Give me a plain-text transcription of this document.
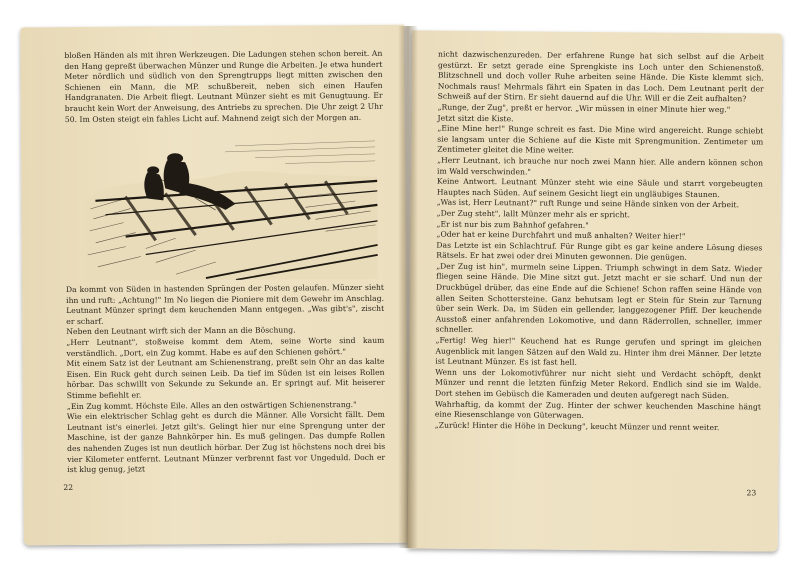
bloßen Händen als mit ihren Werkzeugen. Die Ladungen stehen schon bereit. An den Hang gepreßt überwachen Münzer und Runge die Arbeiten. Je etwa hundert Meter nördlich und südlich von den Sprengtrupps liegt mitten zwischen den Schienen ein Mann, die MP. schußbereit, neben sich einen Haufen Handgranaten. Die Arbeit fliegt. Leutnant Münzer sieht es mit Genugtuung. Er braucht kein Wort der Anweisung, des Antriebs zu sprechen. Die Uhr zeigt 2 Uhr 50. Im Osten steigt ein fahles Licht auf. Mahnend zeigt sich der Morgen an.

Da kommt von Süden in hastenden Sprüngen der Posten gelaufen. Münzer sieht ihn und ruft: „Achtung!" Im No liegen die Pioniere mit dem Gewehr im Anschlag. Leutnant Münzer springt dem keuchenden Mann entgegen. „Was gibt's", zischt er scharf.

Neben den Leutnant wirft sich der Mann an die Böschung.

„Herr Leutnant", stoßweise kommt dem Atem, seine Worte sind kaum verständlich. „Dort, ein Zug kommt. Habe es auf den Schienen gehört."

Mit einem Satz ist der Leutnant am Schienenstrang, preßt sein Ohr an das kalte Eisen. Ein Ruck geht durch seinen Leib. Da tief im Süden ist ein leises Rollen hörbar. Das schwillt von Sekunde zu Sekunde an. Er springt auf. Mit heiserer Stimme befiehlt er.

„Ein Zug kommt. Höchste Eile. Alles an den ostwärtigen Schienenstrang."

Wie ein elektrischer Schlag geht es durch die Männer. Alle Vorsicht fällt. Dem Leutnant ist's einerlei. Jetzt gilt's. Gelingt hier nur eine Sprengung unter der Maschine, ist der ganze Bahnkörper hin. Es muß gelingen. Das dumpfe Rollen des nahenden Zuges ist nun deutlich hörbar. Der Zug ist höchstens noch drei bis vier Kilometer entfernt. Leutnant Münzer verbrennt fast vor Ungeduld. Doch er ist klug genug, jetzt

22

nicht dazwischenzureden. Der erfahrene Runge hat sich selbst auf die Arbeit gestürzt. Er setzt gerade eine Sprengkiste ins Loch unter den Schienenstoß. Blitzschnell und doch voller Ruhe arbeiten seine Hände. Die Kiste klemmt sich. Nochmals raus! Mehrmals fährt ein Spaten in das Loch. Dem Leutnant perlt der Schweiß auf der Stirn. Er sieht dauernd auf die Uhr. Will er die Zeit aufhalten?

„Runge, der Zug", preßt er hervor. „Wir müssen in einer Minute hier weg."

Jetzt sitzt die Kiste.

„Eine Mine her!" Runge schreit es fast. Die Mine wird angereicht. Runge schiebt sie langsam unter die Schiene auf die Kiste mit Sprengmunition. Zentimeter um Zentimeter gleitet die Mine weiter.

„Herr Leutnant, ich brauche nur noch zwei Mann hier. Alle andern können schon im Wald verschwinden."

Keine Antwort. Leutnant Münzer steht wie eine Säule und starrt vorgebeugten Hauptes nach Süden. Auf seinem Gesicht liegt ein ungläubiges Staunen.

„Was ist, Herr Leutnant?" ruft Runge und seine Hände sinken von der Arbeit.

„Der Zug steht", lallt Münzer mehr als er spricht.

„Er ist nur bis zum Bahnhof gefahren."

„Oder hat er keine Durchfahrt und muß anhalten? Weiter hier!"

Das Letzte ist ein Schlachtruf. Für Runge gibt es gar keine andere Lösung dieses Rätsels. Er hat zwei oder drei Minuten gewonnen. Die genügen.

„Der Zug ist hin", murmeln seine Lippen. Triumph schwingt in dem Satz. Wieder fliegen seine Hände. Die Mine sitzt gut. Jetzt macht er sie scharf. Und nun der Druckbügel drüber, das eine Ende auf die Schiene! Schon raffen seine Hände von allen Seiten Schottersteine. Ganz behutsam legt er Stein für Stein zur Tarnung über sein Werk. Da, im Süden ein gellender, langgezogener Pfiff. Der keuchende Ausstoß einer anfahrenden Lokomotive, und dann Räderrollen, schneller, immer schneller.

„Fertig! Weg hier!" Keuchend hat es Runge gerufen und springt im gleichen Augenblick mit langen Sätzen auf den Wald zu. Hinter ihm drei Männer. Der letzte ist Leutnant Münzer. Es ist fast hell.

Wenn uns der Lokomotivführer nur nicht sieht und Verdacht schöpft, denkt Münzer und rennt die letzten fünfzig Meter Rekord. Endlich sind sie im Walde. Dort stehen im Gebüsch die Kameraden und deuten aufgeregt nach Süden.

Wahrhaftig, da kommt der Zug. Hinter der schwer keuchenden Maschine hängt eine Riesenschlange von Güterwagen.

„Zurück! Hinter die Höhe in Deckung", keucht Münzer und rennt weiter.

23
